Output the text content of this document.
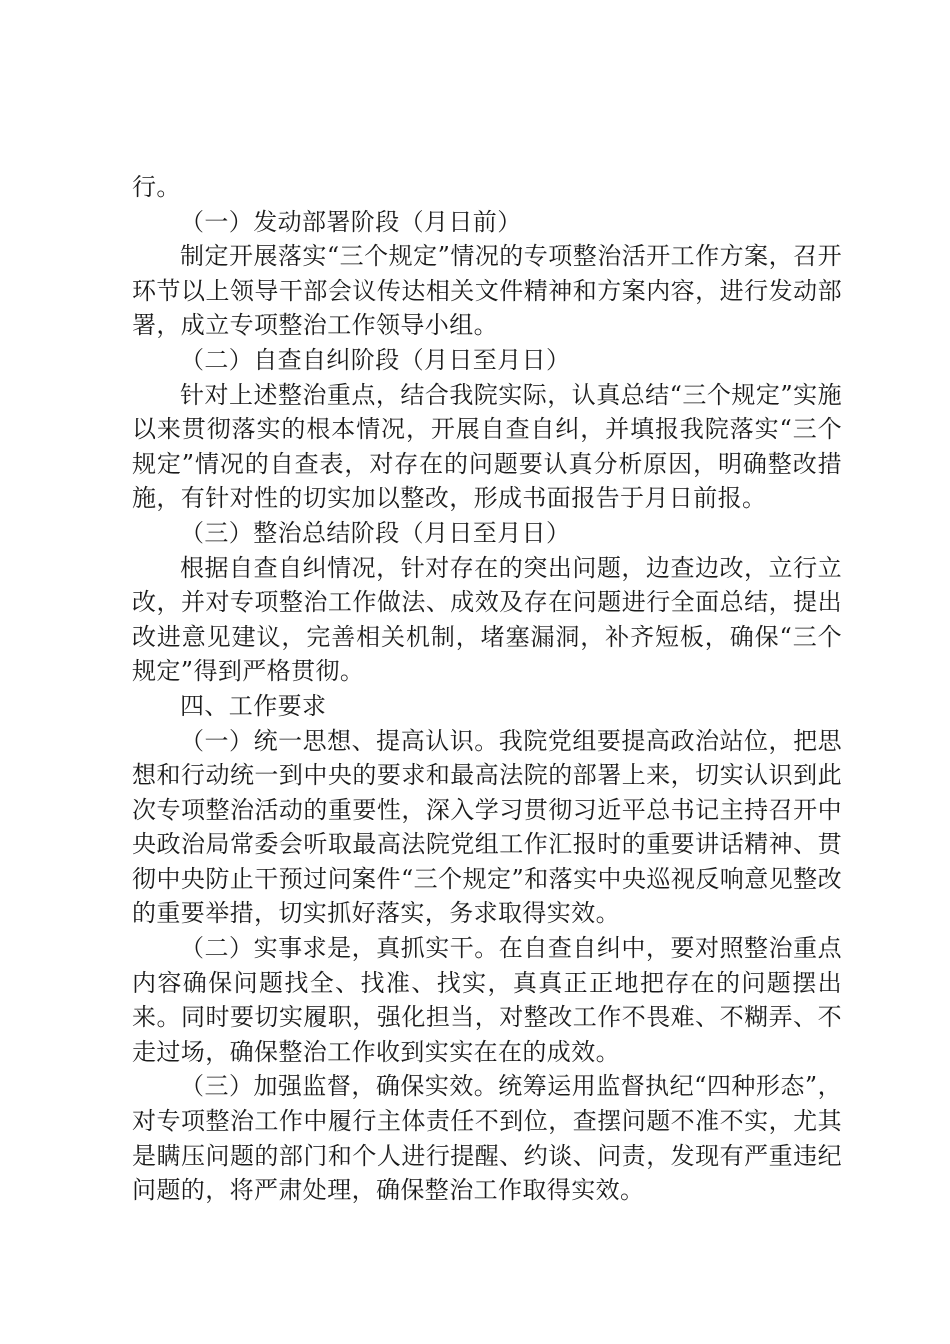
行。

（一）发动部署阶段（月日前）

制定开展落实“三个规定”情况的专项整治活开工作方案，召开环节以上领导干部会议传达相关文件精神和方案内容，进行发动部署，成立专项整治工作领导小组。

（二）自查自纠阶段（月日至月日）

针对上述整治重点，结合我院实际，认真总结“三个规定”实施以来贯彻落实的根本情况，开展自查自纠，并填报我院落实“三个规定”情况的自查表，对存在的问题要认真分析原因，明确整改措施，有针对性的切实加以整改，形成书面报告于月日前报。

（三）整治总结阶段（月日至月日）

根据自查自纠情况，针对存在的突出问题，边查边改，立行立改，并对专项整治工作做法、成效及存在问题进行全面总结，提出改进意见建议，完善相关机制，堵塞漏洞，补齐短板，确保“三个规定”得到严格贯彻。

四、工作要求

（一）统一思想、提高认识。我院党组要提高政治站位，把思想和行动统一到中央的要求和最高法院的部署上来，切实认识到此次专项整治活动的重要性，深入学习贯彻习近平总书记主持召开中央政治局常委会听取最高法院党组工作汇报时的重要讲话精神、贯彻中央防止干预过问案件“三个规定”和落实中央巡视反响意见整改的重要举措，切实抓好落实，务求取得实效。

（二）实事求是，真抓实干。在自查自纠中，要对照整治重点内容确保问题找全、找准、找实，真真正正地把存在的问题摆出来。同时要切实履职，强化担当，对整改工作不畏难、不糊弄、不走过场，确保整治工作收到实实在在的成效。

（三）加强监督，确保实效。统筹运用监督执纪“四种形态”，对专项整治工作中履行主体责任不到位，查摆问题不准不实，尤其是瞒压问题的部门和个人进行提醒、约谈、问责，发现有严重违纪问题的，将严肃处理，确保整治工作取得实效。
